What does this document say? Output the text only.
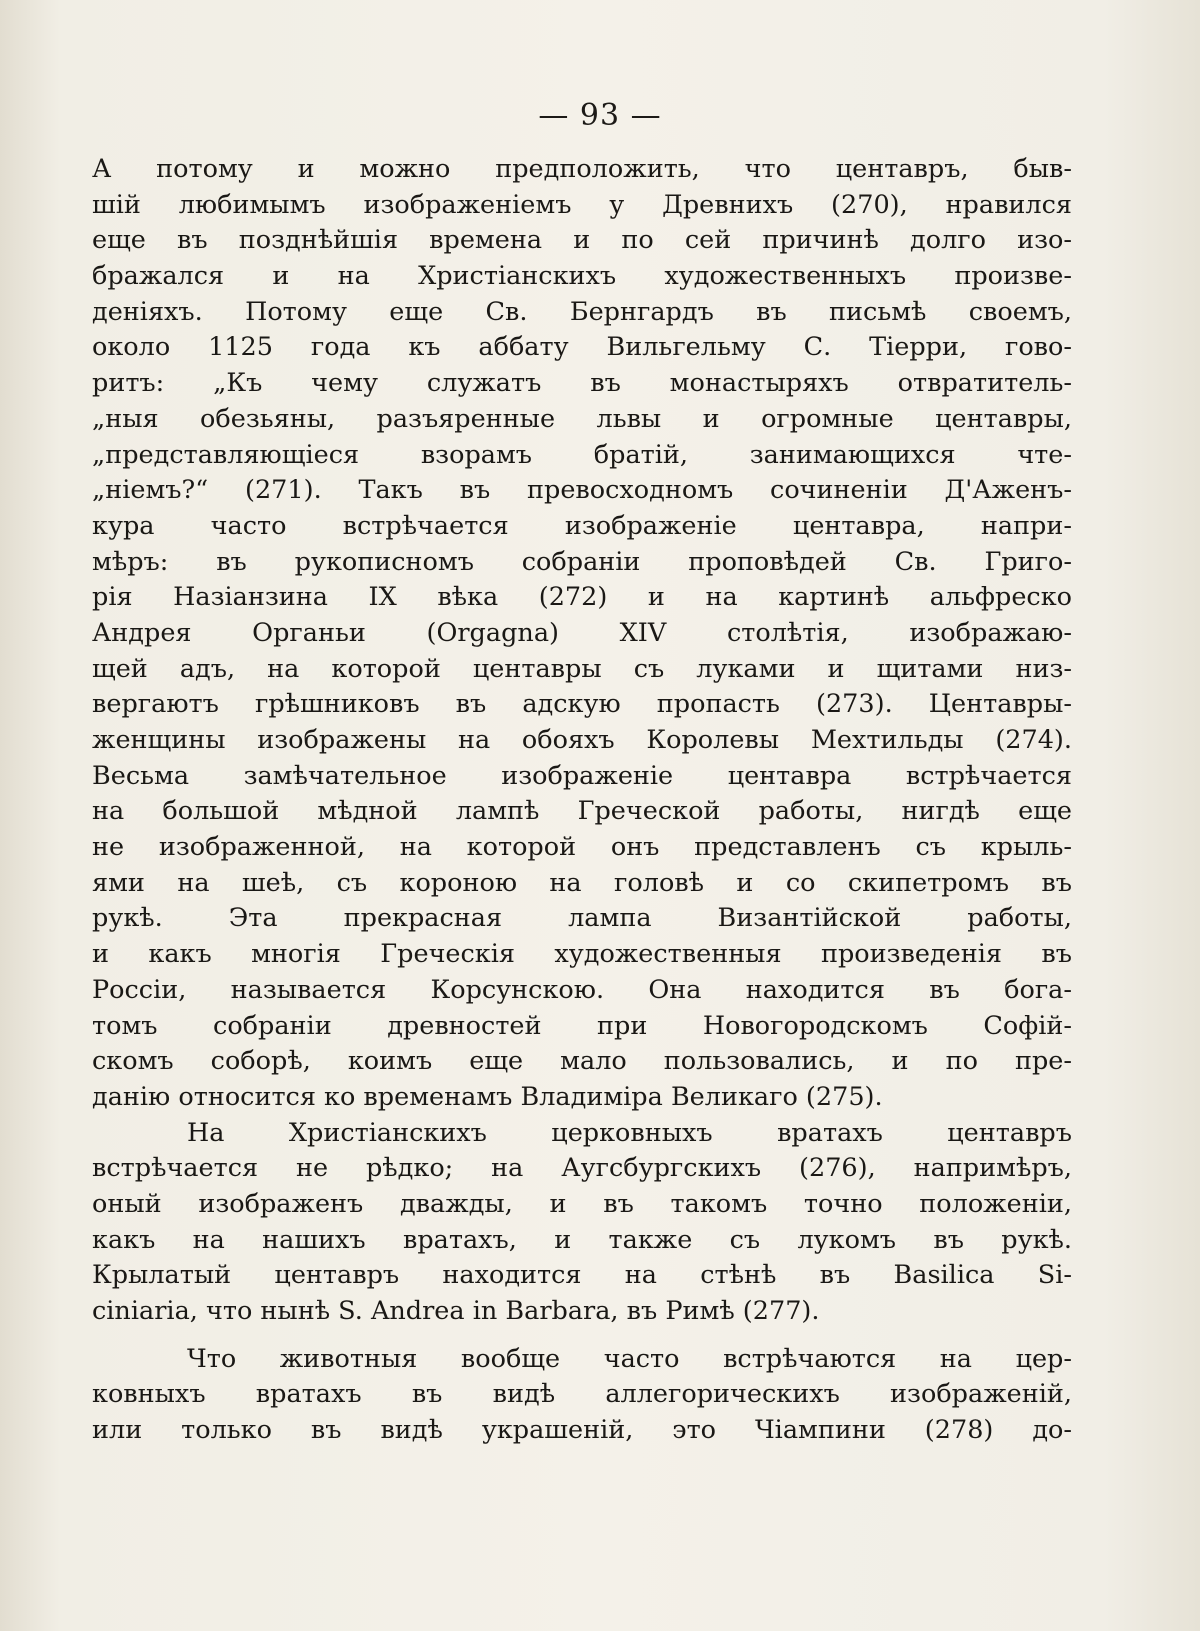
— 93 —
А потому и можно предположить, что центавръ, быв-
шій любимымъ изображеніемъ у Древнихъ (270), нравился
еще въ позднѣйшія времена и по сей причинѣ долго изо-
бражался и на Христіанскихъ художественныхъ произве-
деніяхъ. Потому еще Св. Бернгардъ въ письмѣ своемъ,
около 1125 года къ аббату Вильгельму С. Тіерри, гово-
ритъ: „Къ чему служатъ въ монастыряхъ отвратитель-
„ныя обезьяны, разъяренные львы и огромные центавры,
„представляющіеся взорамъ братій, занимающихся чте-
„ніемъ?“ (271). Такъ въ превосходномъ сочиненіи Д'Аженъ-
кура часто встрѣчается изображеніе центавра, напри-
мѣръ: въ рукописномъ собраніи проповѣдей Св. Григо-
рія Назіанзина IX вѣка (272) и на картинѣ альфреско
Андрея Органьи (Orgagna) XIV столѣтія, изображаю-
щей адъ, на которой центавры съ луками и щитами низ-
вергаютъ грѣшниковъ въ адскую пропасть (273). Центавры-
женщины изображены на обояхъ Королевы Мехтильды (274).
Весьма замѣчательное изображеніе центавра встрѣчается
на большой мѣдной лампѣ Греческой работы, нигдѣ еще
не изображенной, на которой онъ представленъ съ крыль-
ями на шеѣ, съ короною на головѣ и со скипетромъ въ
рукѣ. Эта прекрасная лампа Византійской работы,
и какъ многія Греческія художественныя произведенія въ
Россіи, называется Корсунскою. Она находится въ бога-
томъ собраніи древностей при Новогородскомъ Софій-
скомъ соборѣ, коимъ еще мало пользовались, и по пре-
данію относится ко временамъ Владиміра Великаго (275).
На Христіанскихъ церковныхъ вратахъ центавръ
встрѣчается не рѣдко; на Аугсбургскихъ (276), напримѣръ,
оный изображенъ дважды, и въ такомъ точно положеніи,
какъ на нашихъ вратахъ, и также съ лукомъ въ рукѣ.
Крылатый центавръ находится на стѣнѣ въ Basilica Si-
ciniaria, что нынѣ S. Andrea in Barbara, въ Римѣ (277).
Что животныя вообще часто встрѣчаются на цер-
ковныхъ вратахъ въ видѣ аллегорическихъ изображеній,
или только въ видѣ украшеній, это Чіампини (278) до-
